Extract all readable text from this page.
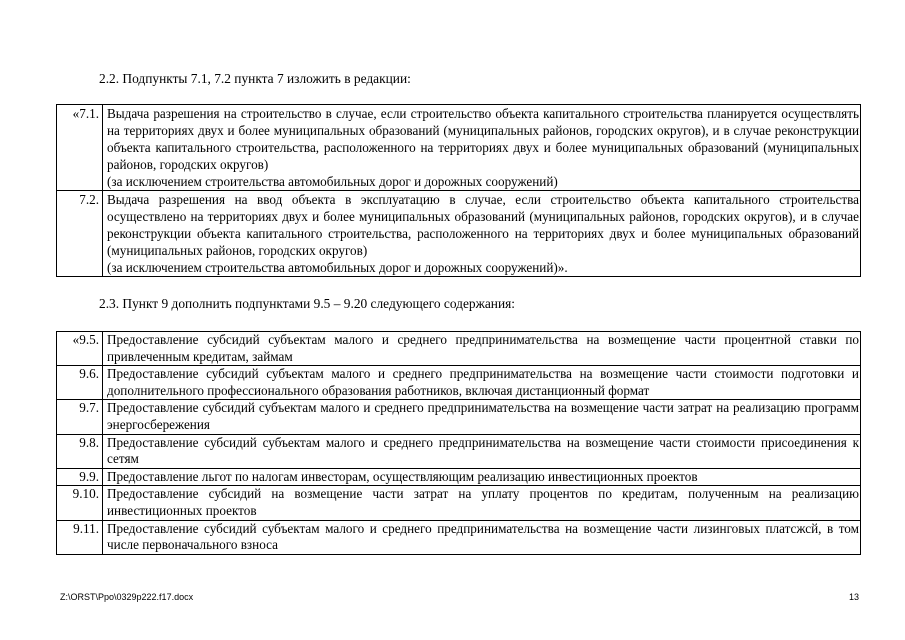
2.2. Подпункты 7.1, 7.2 пункта 7 изложить в редакции:
«7.1.	Выдача разрешения на строительство в случае, если строительство объекта капитального строительства планируется осуществлять на территориях двух и более муниципальных образований (муниципальных районов, городских округов), и в случае реконструкции объекта капитального строительства, расположенного на территориях двух и более муниципальных образований (муниципальных районов, городских округов)
(за исключением строительства автомобильных дорог и дорожных сооружений)

7.2.	Выдача разрешения на ввод объекта в эксплуатацию в случае, если строительство объекта капитального строительства осуществлено на территориях двух и более муниципальных образований (муниципальных районов, городских округов), и в случае реконструкции объекта капитального строительства, расположенного на территориях двух и более муниципальных образований (муниципальных районов, городских округов)
(за исключением строительства автомобильных дорог и дорожных сооружений)».
2.3. Пункт 9 дополнить подпунктами 9.5 – 9.20 следующего содержания:
«9.5.	Предоставление субсидий субъектам малого и среднего предпринимательства на возмещение части процентной ставки по привлеченным кредитам, займам
9.6.	Предоставление субсидий субъектам малого и среднего предпринимательства на возмещение части стоимости подготовки и дополнительного профессионального образования работников, включая дистанционный формат
9.7.	Предоставление субсидий субъектам малого и среднего предпринимательства на возмещение части затрат на реализацию программ энергосбережения
9.8.	Предоставление субсидий субъектам малого и среднего предпринимательства на возмещение части стоимости присоединения к сетям
9.9.	Предоставление льгот по налогам инвесторам, осуществляющим реализацию инвестиционных проектов
9.10.	Предоставление субсидий на возмещение части затрат на уплату процентов по кредитам, полученным на реализацию инвестиционных проектов
9.11.	Предоставление субсидий субъектам малого и среднего предпринимательства на возмещение части лизинговых платсжсй, в том числе первоначального взноса
Z:\ORST\Ppo\0329p222.f17.docx	13
